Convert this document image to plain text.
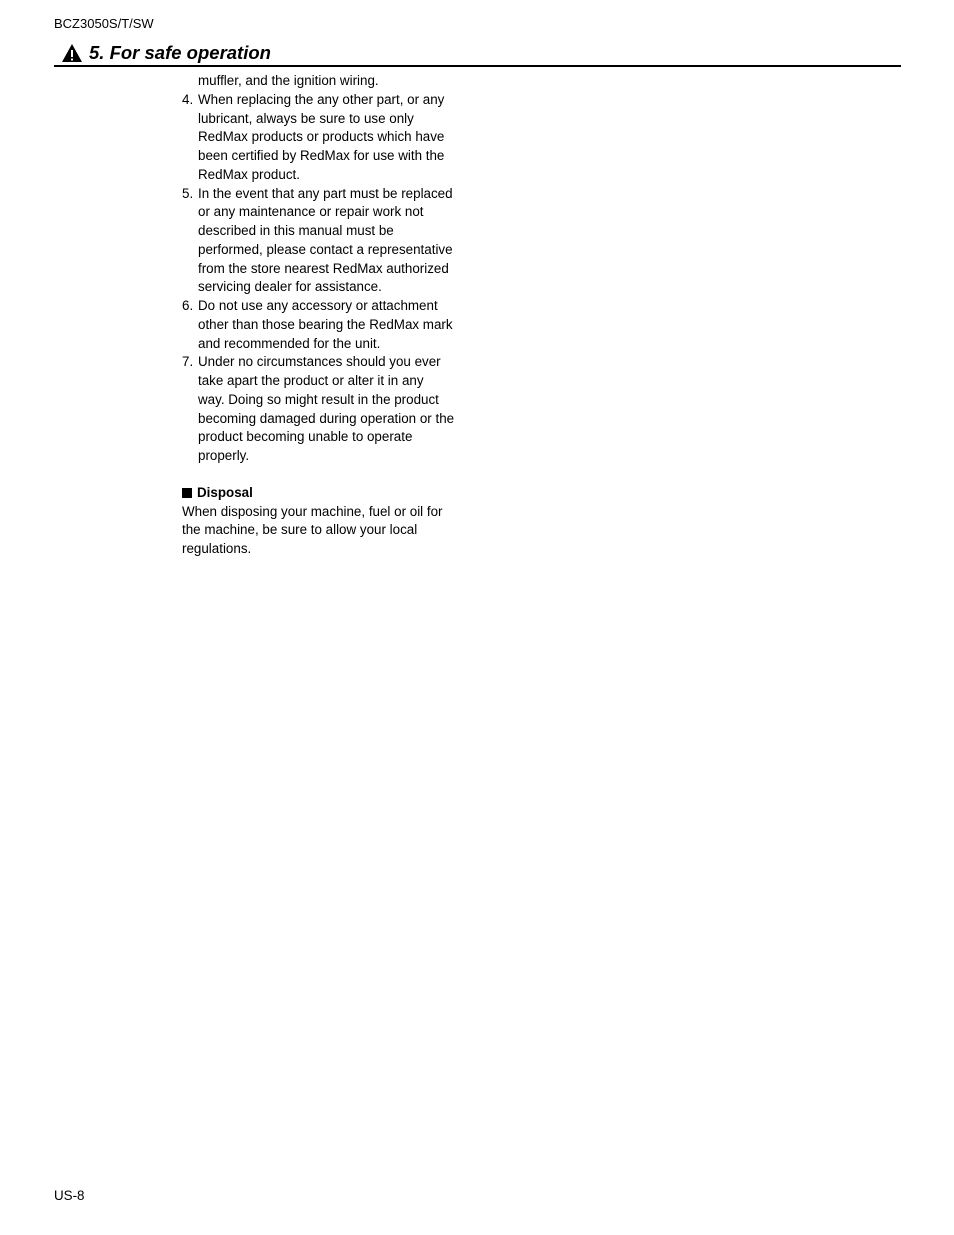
BCZ3050S/T/SW
5. For safe operation
muffler, and the ignition wiring.
4. When replacing the any other part, or any
lubricant, always be sure to use only
RedMax products or products which have
been certified by RedMax for use with the
RedMax product.
5. In the event that any part must be replaced
or any maintenance or repair work not
described in this manual must be
performed, please contact a representative
from the store nearest RedMax authorized
servicing dealer for assistance.
6. Do not use any accessory or attachment
other than those bearing the RedMax mark
and recommended for the unit.
7. Under no circumstances should you ever
take apart the product or alter it in any
way. Doing so might result in the product
becoming damaged during operation or the
product becoming unable to operate
properly.
Disposal
When disposing your machine, fuel or oil for
the machine, be sure to allow your local
regulations.
US-8
